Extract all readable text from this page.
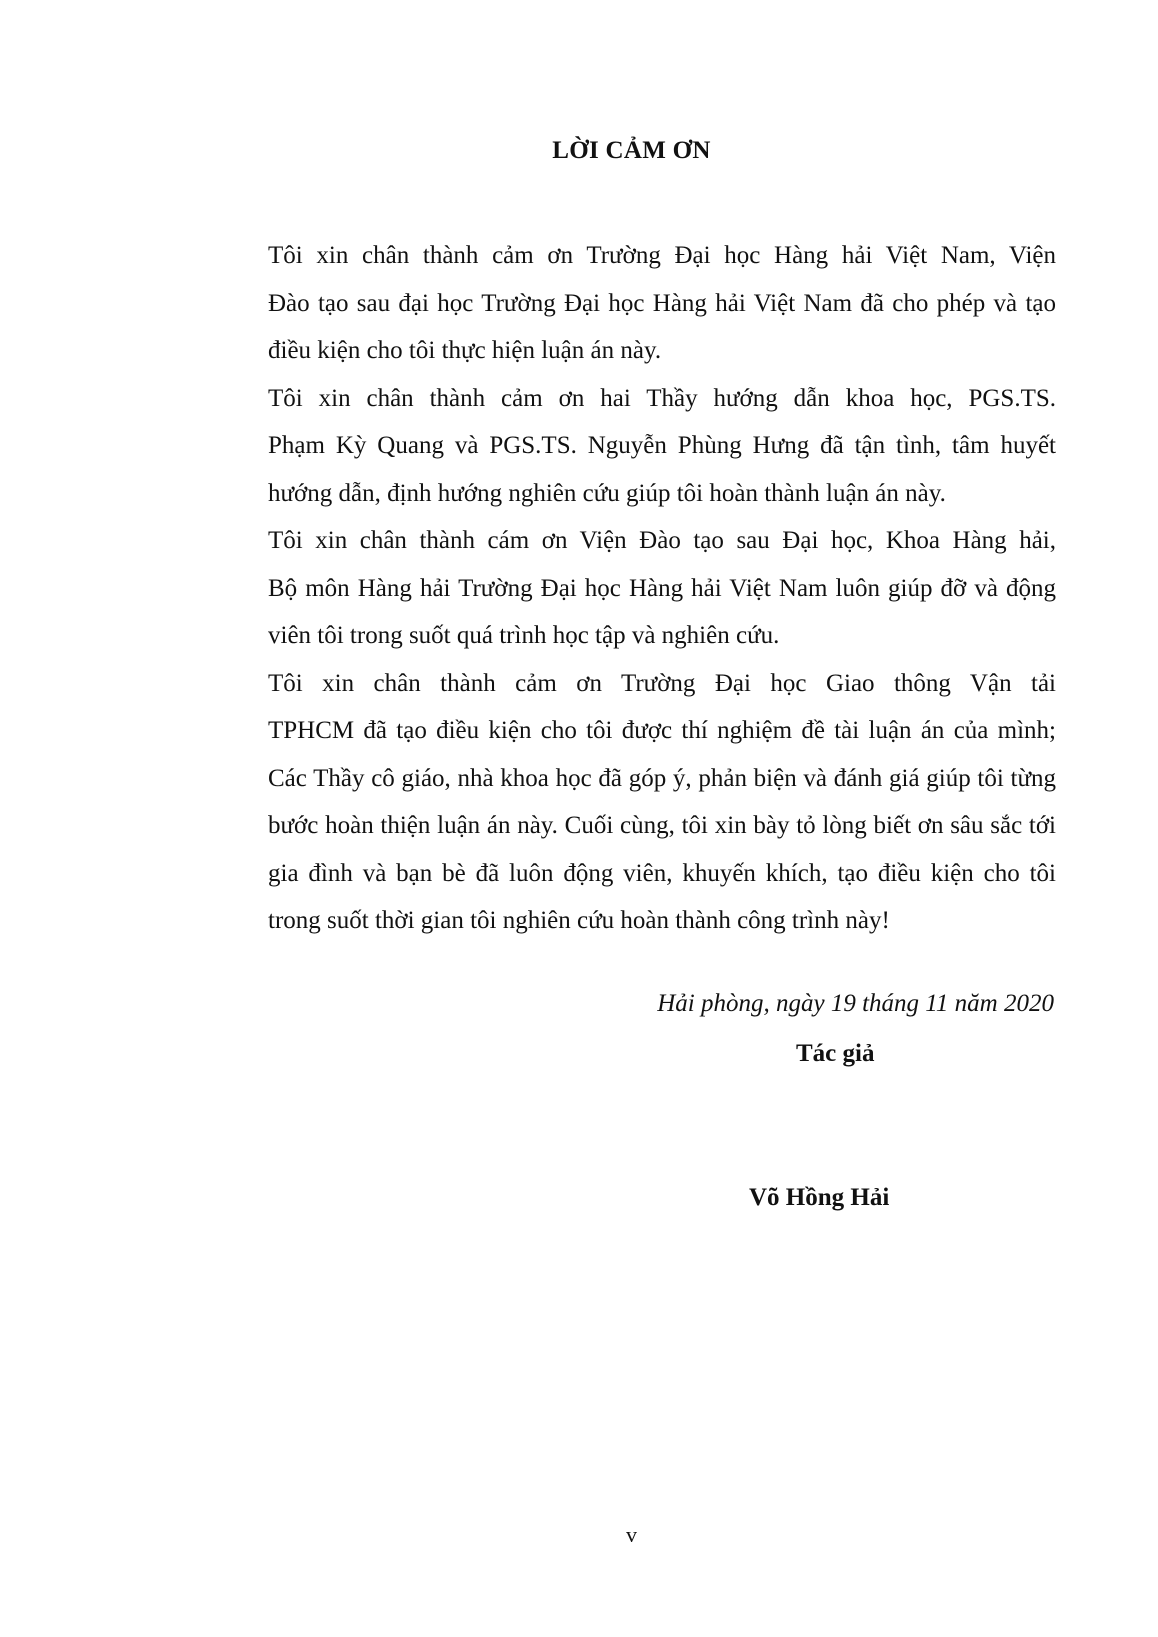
LỜI CẢM ƠN

Tôi xin chân thành cảm ơn Trường Đại học Hàng hải Việt Nam, Viện
Đào tạo sau đại học Trường Đại học Hàng hải Việt Nam đã cho phép và tạo
điều kiện cho tôi thực hiện luận án này.

Tôi xin chân thành cảm ơn hai Thầy hướng dẫn khoa học, PGS.TS.
Phạm Kỳ Quang và PGS.TS. Nguyễn Phùng Hưng đã tận tình, tâm huyết
hướng dẫn, định hướng nghiên cứu giúp tôi hoàn thành luận án này.

Tôi xin chân thành cám ơn Viện Đào tạo sau Đại học, Khoa Hàng hải,
Bộ môn Hàng hải Trường Đại học Hàng hải Việt Nam luôn giúp đỡ và động
viên tôi trong suốt quá trình học tập và nghiên cứu.

Tôi xin chân thành cảm ơn Trường Đại học Giao thông Vận tải
TPHCM đã tạo điều kiện cho tôi được thí nghiệm đề tài luận án của mình;
Các Thầy cô giáo, nhà khoa học đã góp ý, phản biện và đánh giá giúp tôi từng
bước hoàn thiện luận án này. Cuối cùng, tôi xin bày tỏ lòng biết ơn sâu sắc tới
gia đình và bạn bè đã luôn động viên, khuyến khích, tạo điều kiện cho tôi
trong suốt thời gian tôi nghiên cứu hoàn thành công trình này!

Hải phòng, ngày 19 tháng 11 năm 2020
Tác giả
Võ Hồng Hải
v
